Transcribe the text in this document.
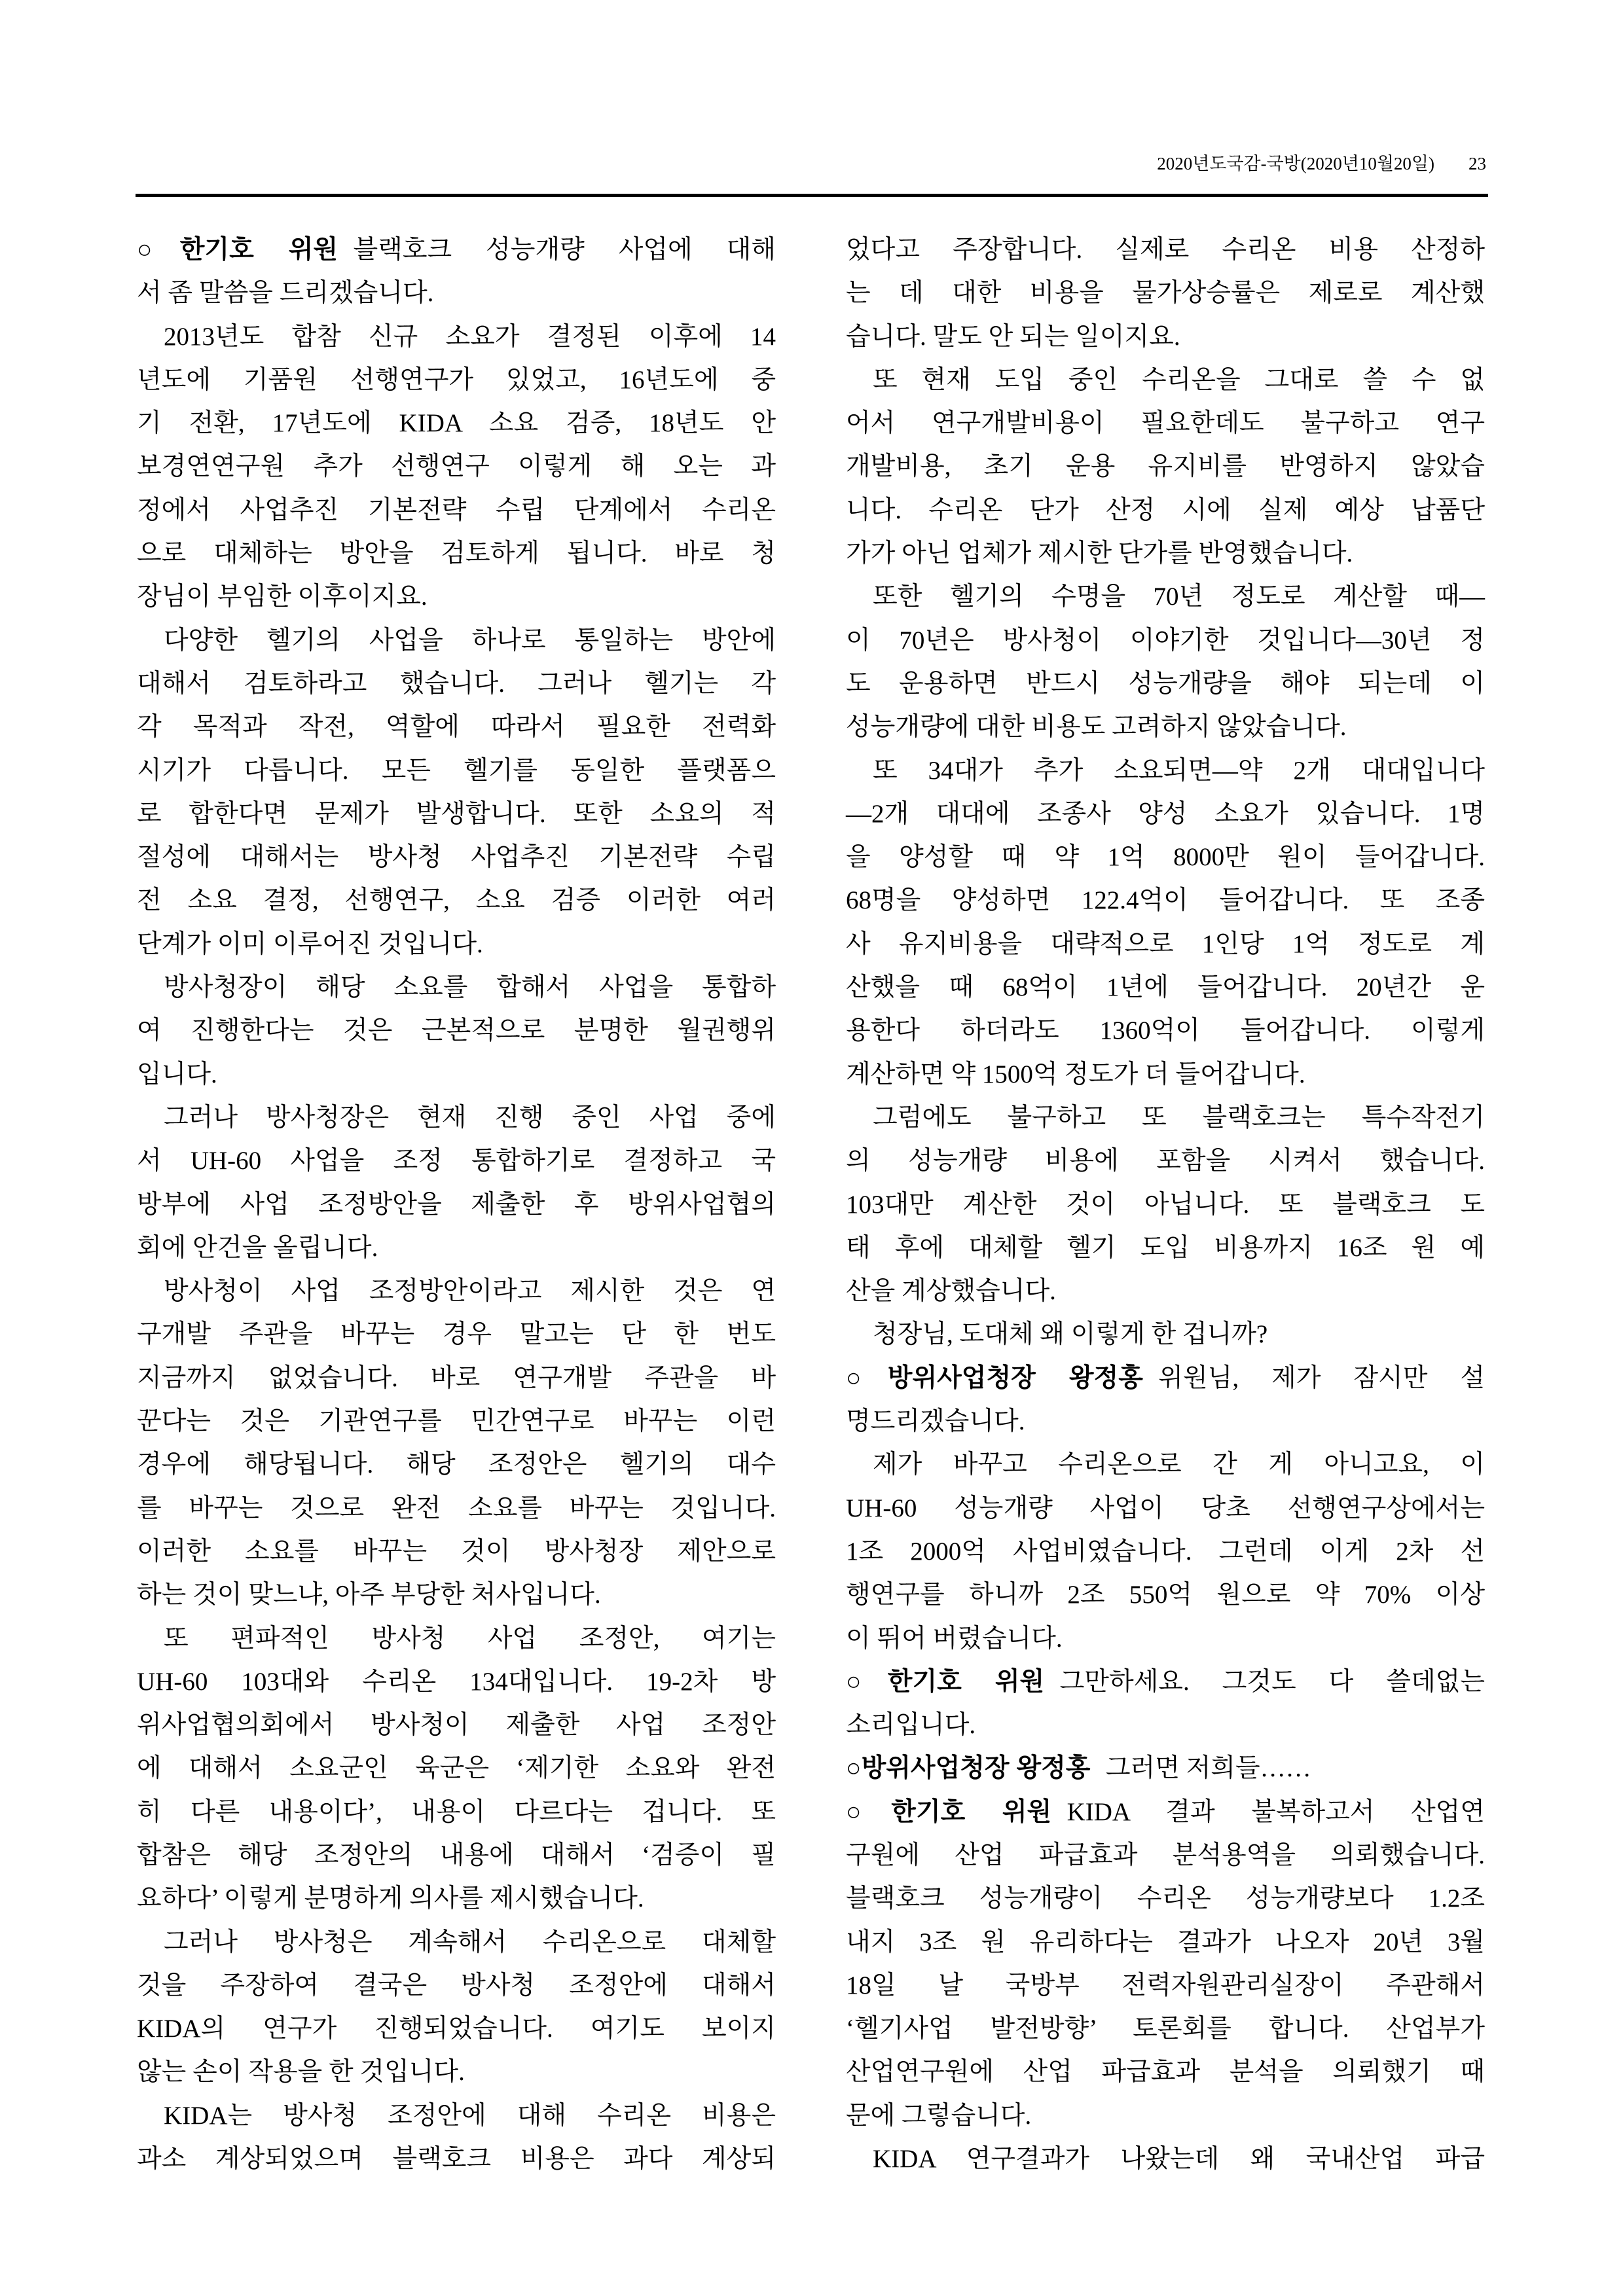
2020년도국감-국방(2020년10월20일) 23
○한기호 위원 블랙호크 성능개량 사업에 대해
서 좀 말씀을 드리겠습니다.
2013년도 합참 신규 소요가 결정된 이후에 14
년도에 기품원 선행연구가 있었고, 16년도에 중
기 전환, 17년도에 KIDA 소요 검증, 18년도 안
보경연연구원 추가 선행연구 이렇게 해 오는 과
정에서 사업추진 기본전략 수립 단계에서 수리온
으로 대체하는 방안을 검토하게 됩니다. 바로 청
장님이 부임한 이후이지요.
다양한 헬기의 사업을 하나로 통일하는 방안에
대해서 검토하라고 했습니다. 그러나 헬기는 각
각 목적과 작전, 역할에 따라서 필요한 전력화
시기가 다릅니다. 모든 헬기를 동일한 플랫폼으
로 합한다면 문제가 발생합니다. 또한 소요의 적
절성에 대해서는 방사청 사업추진 기본전략 수립
전 소요 결정, 선행연구, 소요 검증 이러한 여러
단계가 이미 이루어진 것입니다.
방사청장이 해당 소요를 합해서 사업을 통합하
여 진행한다는 것은 근본적으로 분명한 월권행위
입니다.
그러나 방사청장은 현재 진행 중인 사업 중에
서 UH-60 사업을 조정 통합하기로 결정하고 국
방부에 사업 조정방안을 제출한 후 방위사업협의
회에 안건을 올립니다.
방사청이 사업 조정방안이라고 제시한 것은 연
구개발 주관을 바꾸는 경우 말고는 단 한 번도
지금까지 없었습니다. 바로 연구개발 주관을 바
꾼다는 것은 기관연구를 민간연구로 바꾸는 이런
경우에 해당됩니다. 해당 조정안은 헬기의 대수
를 바꾸는 것으로 완전 소요를 바꾸는 것입니다.
이러한 소요를 바꾸는 것이 방사청장 제안으로
하는 것이 맞느냐, 아주 부당한 처사입니다.
또 편파적인 방사청 사업 조정안, 여기는
UH-60 103대와 수리온 134대입니다. 19-2차 방
위사업협의회에서 방사청이 제출한 사업 조정안
에 대해서 소요군인 육군은 ‘제기한 소요와 완전
히 다른 내용이다’, 내용이 다르다는 겁니다. 또
합참은 해당 조정안의 내용에 대해서 ‘검증이 필
요하다’ 이렇게 분명하게 의사를 제시했습니다.
그러나 방사청은 계속해서 수리온으로 대체할
것을 주장하여 결국은 방사청 조정안에 대해서
KIDA의 연구가 진행되었습니다. 여기도 보이지
않는 손이 작용을 한 것입니다.
KIDA는 방사청 조정안에 대해 수리온 비용은
과소 계상되었으며 블랙호크 비용은 과다 계상되
었다고 주장합니다. 실제로 수리온 비용 산정하
는 데 대한 비용을 물가상승률은 제로로 계산했
습니다. 말도 안 되는 일이지요.
또 현재 도입 중인 수리온을 그대로 쓸 수 없
어서 연구개발비용이 필요한데도 불구하고 연구
개발비용, 초기 운용 유지비를 반영하지 않았습
니다. 수리온 단가 산정 시에 실제 예상 납품단
가가 아닌 업체가 제시한 단가를 반영했습니다.
또한 헬기의 수명을 70년 정도로 계산할 때—
이 70년은 방사청이 이야기한 것입니다—30년 정
도 운용하면 반드시 성능개량을 해야 되는데 이
성능개량에 대한 비용도 고려하지 않았습니다.
또 34대가 추가 소요되면—약 2개 대대입니다
—2개 대대에 조종사 양성 소요가 있습니다. 1명
을 양성할 때 약 1억 8000만 원이 들어갑니다.
68명을 양성하면 122.4억이 들어갑니다. 또 조종
사 유지비용을 대략적으로 1인당 1억 정도로 계
산했을 때 68억이 1년에 들어갑니다. 20년간 운
용한다 하더라도 1360억이 들어갑니다. 이렇게
계산하면 약 1500억 정도가 더 들어갑니다.
그럼에도 불구하고 또 블랙호크는 특수작전기
의 성능개량 비용에 포함을 시켜서 했습니다.
103대만 계산한 것이 아닙니다. 또 블랙호크 도
태 후에 대체할 헬기 도입 비용까지 16조 원 예
산을 계상했습니다.
청장님, 도대체 왜 이렇게 한 겁니까?
○방위사업청장 왕정홍 위원님, 제가 잠시만 설
명드리겠습니다.
제가 바꾸고 수리온으로 간 게 아니고요, 이
UH-60 성능개량 사업이 당초 선행연구상에서는
1조 2000억 사업비였습니다. 그런데 이게 2차 선
행연구를 하니까 2조 550억 원으로 약 70% 이상
이 뛰어 버렸습니다.
○한기호 위원 그만하세요. 그것도 다 쓸데없는
소리입니다.
○방위사업청장 왕정홍 그러면 저희들……
○한기호 위원 KIDA 결과 불복하고서 산업연
구원에 산업 파급효과 분석용역을 의뢰했습니다.
블랙호크 성능개량이 수리온 성능개량보다 1.2조
내지 3조 원 유리하다는 결과가 나오자 20년 3월
18일 날 국방부 전력자원관리실장이 주관해서
‘헬기사업 발전방향’ 토론회를 합니다. 산업부가
산업연구원에 산업 파급효과 분석을 의뢰했기 때
문에 그렇습니다.
KIDA 연구결과가 나왔는데 왜 국내산업 파급
